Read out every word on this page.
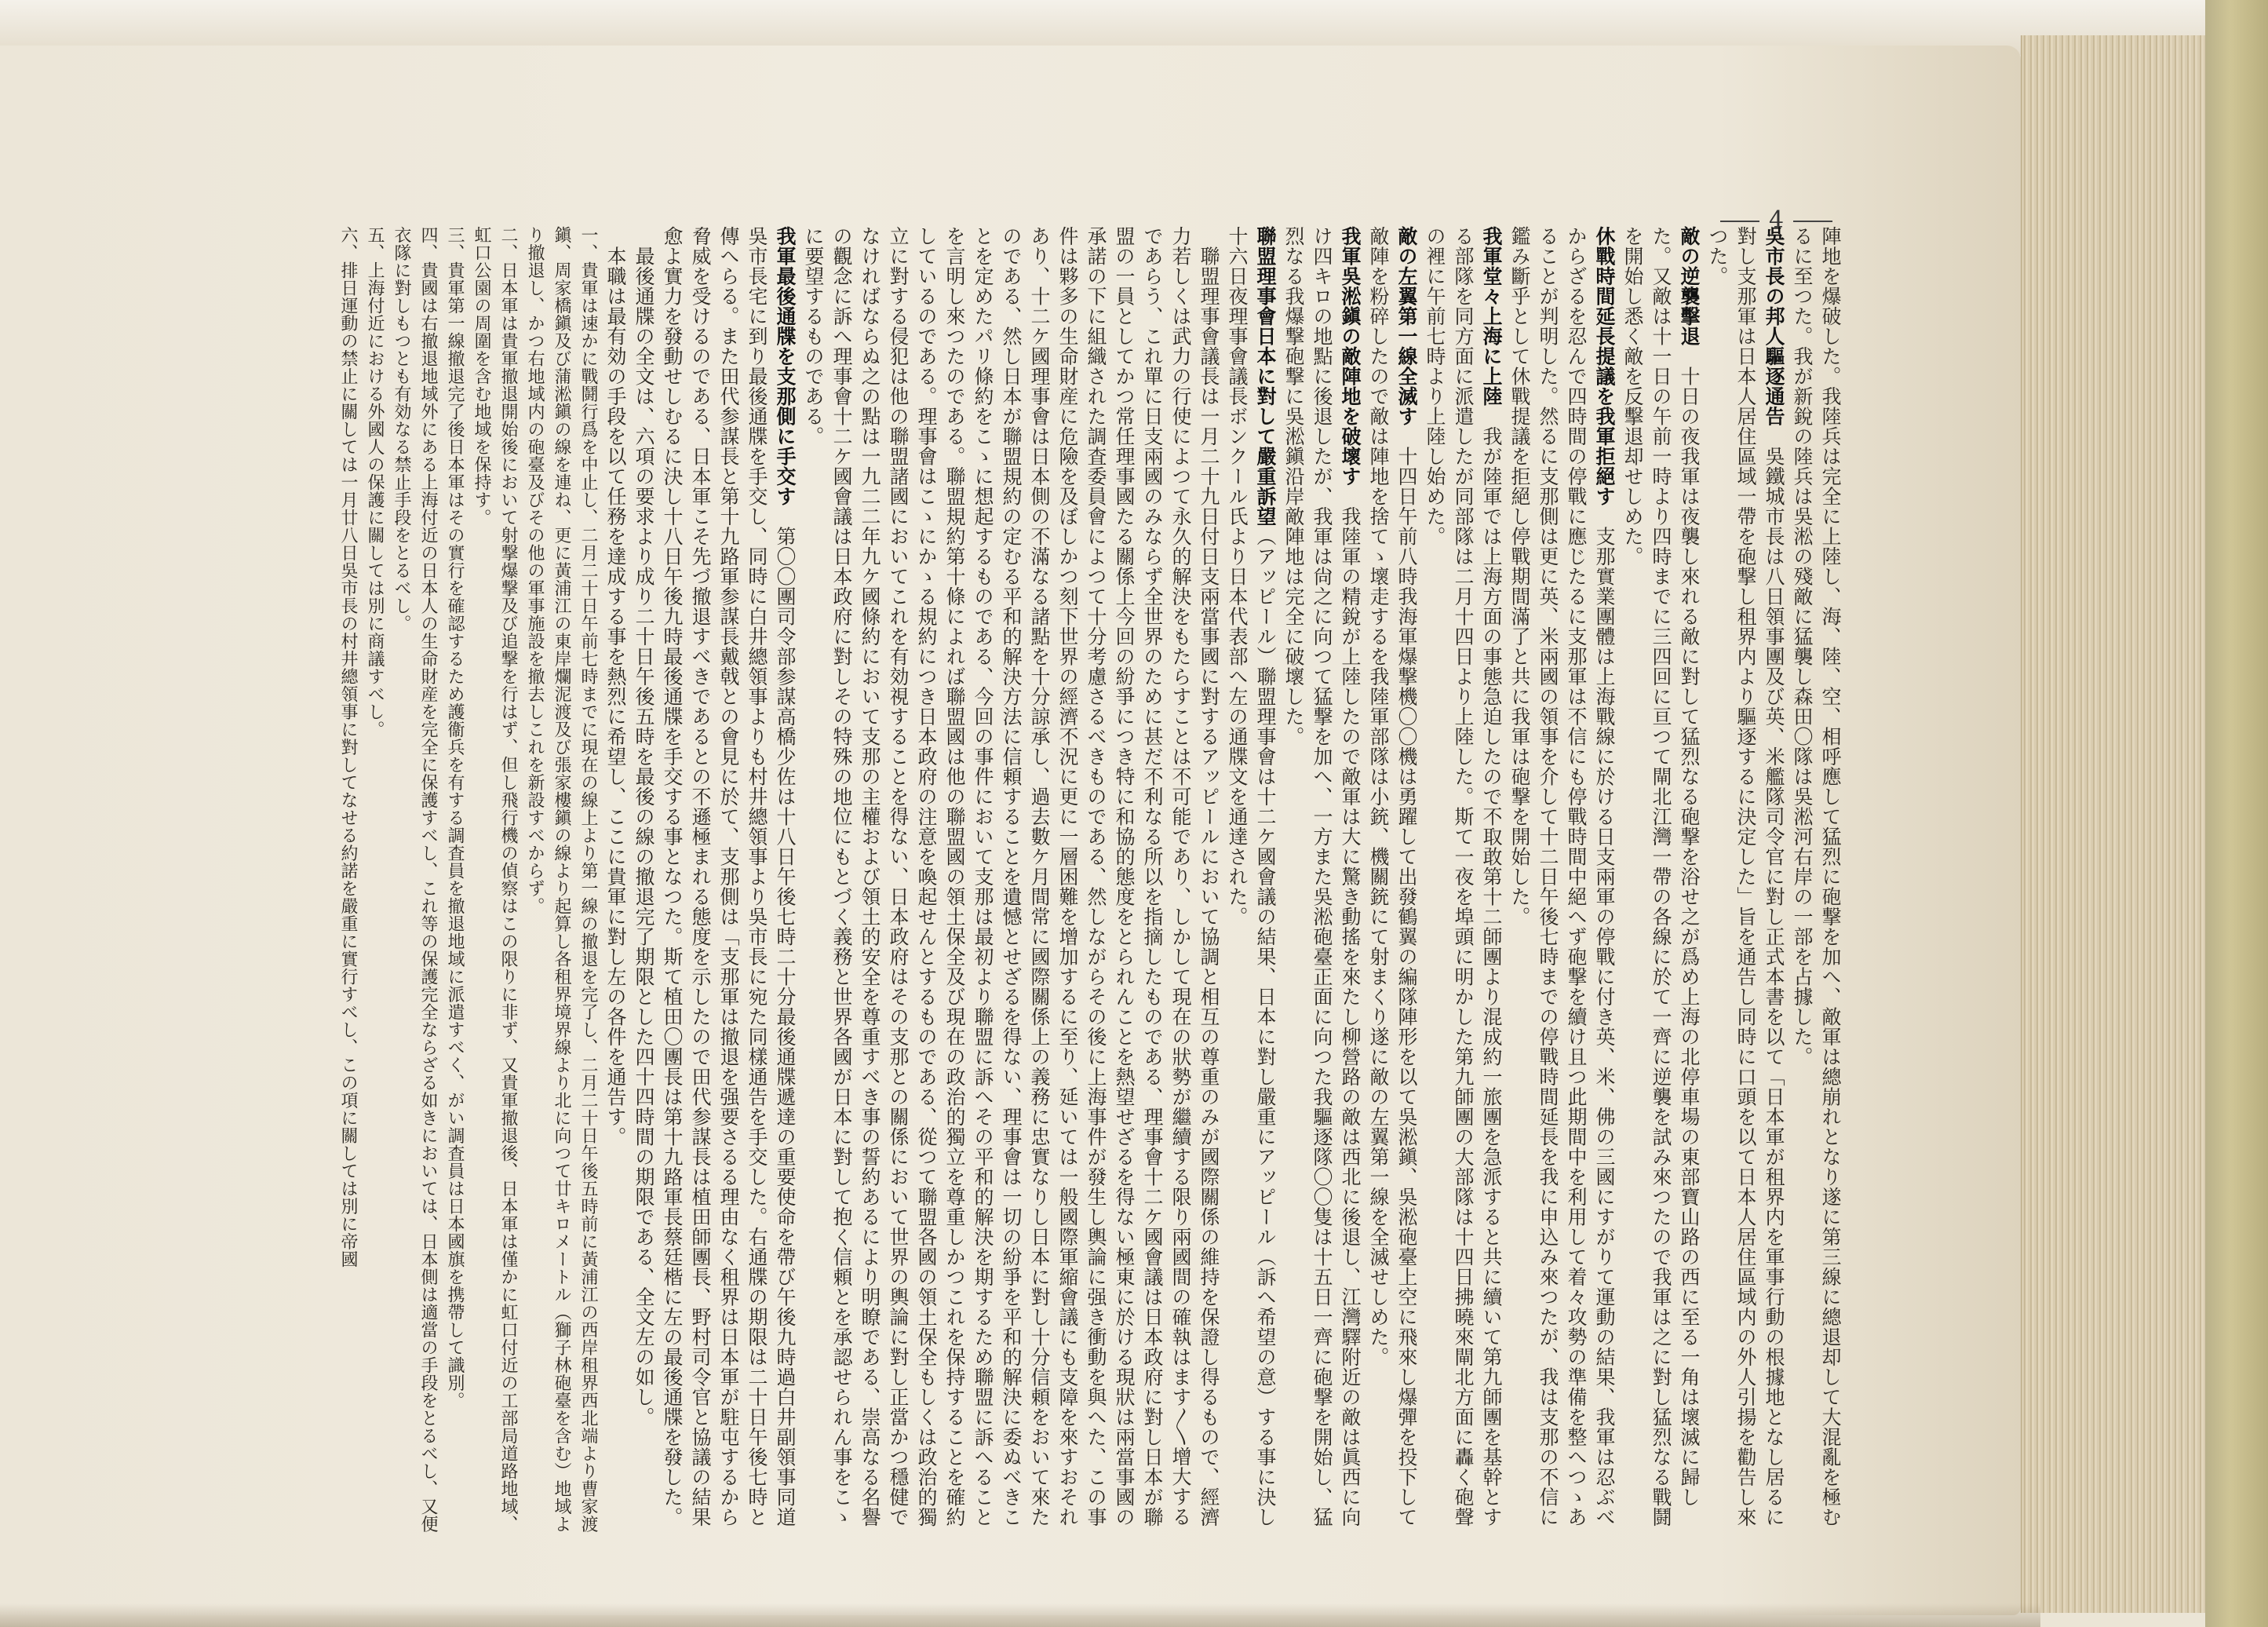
4

陣地を爆破した。我陸兵は完全に上陸し、海、陸、空、相呼應して猛烈に砲撃を加へ、敵軍は總崩れとなり遂に第三線に總退却して大混亂を極むるに至つた。我が新銳の陸兵は吳淞の殘敵に猛襲し森田〇隊は吳淞河右岸の一部を占據した。

吳市長の邦人驅逐通告　吳鐵城市長は八日領事團及び英、米艦隊司令官に對し正式本書を以て「日本軍が租界内を軍事行動の根據地となし居るに對し支那軍は日本人居住區域一帶を砲撃し租界内より驅逐するに決定した」旨を通告し同時に口頭を以て日本人居住區域内の外人引揚を勸告し來つた。

敵の逆襲擊退　十日の夜我軍は夜襲し來れる敵に對して猛烈なる砲撃を浴せ之が爲め上海の北停車場の東部寶山路の西に至る一角は壞滅に歸した。又敵は十一日の午前一時より四時までに三四回に亘つて閘北江灣一帶の各線に於て一齊に逆襲を試み來つたので我軍は之に對し猛烈なる戰鬪を開始し悉く敵を反擊退却せしめた。

休戰時間延長提議を我軍拒絕す　支那實業團體は上海戰線に於ける日支兩軍の停戰に付き英、米、佛の三國にすがりて運動の結果、我軍は忍ぶべからざるを忍んで四時間の停戰に應じたるに支那軍は不信にも停戰時間中絕へず砲撃を續け且つ此期間中を利用して着々攻勢の準備を整へつゝあることが判明した。然るに支那側は更に英、米兩國の領事を介して十二日午後七時までの停戰時間延長を我に申込み來つたが、我は支那の不信に鑑み斷乎として休戰提議を拒絕し停戰期間滿了と共に我軍は砲撃を開始した。

我軍堂々上海に上陸　我が陸軍では上海方面の事態急迫したので不取敢第十二師團より混成約一旅團を急派すると共に續いて第九師團を基幹とする部隊を同方面に派遣したが同部隊は二月十四日より上陸した。斯て一夜を埠頭に明かした第九師團の大部隊は十四日拂曉來閘北方面に轟く砲聲の裡に午前七時より上陸し始めた。

敵の左翼第一線全滅す　十四日午前八時我海軍爆撃機〇〇機は勇躍して出發鶴翼の編隊陣形を以て吳淞鎭、吳淞砲臺上空に飛來し爆彈を投下して敵陣を粉碎したので敵は陣地を捨てゝ壞走するを我陸軍部隊は小銃、機關銃にて射まくり遂に敵の左翼第一線を全滅せしめた。

我軍吳淞鎭の敵陣地を破壞す　我陸軍の精銳が上陸したので敵軍は大に驚き動搖を來たし柳營路の敵は西北に後退し、江灣驛附近の敵は眞西に向け四キロの地點に後退したが、我軍は尙之に向つて猛撃を加へ、一方また吳淞砲臺正面に向つた我驅逐隊〇〇隻は十五日一齊に砲撃を開始し、猛烈なる我爆撃砲撃に吳淞鎭沿岸敵陣地は完全に破壞した。

聯盟理事會日本に對して嚴重訴望（アッピール）聯盟理事會は十二ケ國會議の結果、日本に對し嚴重にアッピール（訴へ希望の意）する事に決し十六日夜理事會議長ボンクール氏より日本代表部へ左の通牒文を通達された。

　聯盟理事會議長は一月二十九日付日支兩當事國に對するアッピールにおいて協調と相互の尊重のみが國際關係の維持を保證し得るもので、經濟力若しくは武力の行使によつて永久的解決をもたらすことは不可能であり、しかして現在の狀勢が繼續する限り兩國間の確執はます〳〵增大するであらう、これ單に日支兩國のみならず全世界のために甚だ不利なる所以を指摘したものである、理事會十二ケ國會議は日本政府に對し日本が聯盟の一員としてかつ常任理事國たる關係上今回の紛爭につき特に和協的態度をとられんことを熱望せざるを得ない極東に於ける現狀は兩當事國の承諾の下に組織された調査委員會によつて十分考慮さるべきものである、然しながらその後に上海事件が發生し輿論に强き衝動を與へた、この事件は夥多の生命財産に危險を及ぼしかつ刻下世界の經濟不況に更に一層困難を增加するに至り、延いては一般國際軍縮會議にも支障を來すおそれあり、十二ケ國理事會は日本側の不滿なる諸點を十分諒承し、過去數ケ月間常に國際關係上の義務に忠實なりし日本に對し十分信頼をおいて來たのである、然し日本が聯盟規約の定むる平和的解決方法に信頼することを遺憾とせざるを得ない、理事會は一切の紛爭を平和的解決に委ぬべきことを定めたパリ條約をこゝに想起するものである、今回の事件において支那は最初より聯盟に訴へその平和的解決を期するため聯盟に訴へることを言明し來つたのである。聯盟規約第十條によれば聯盟國は他の聯盟國の領土保全及び現在の政治的獨立を尊重しかつこれを保持することを確約しているのである。理事會はこゝにかゝる規約につき日本政府の注意を喚起せんとするものである、從つて聯盟各國の領土保全もしくは政治的獨立に對する侵犯は他の聯盟諸國においてこれを有効視することを得ない、日本政府はその支那との關係において世界の輿論に對し正當かつ穩健でなければならぬ之の點は一九二二年九ケ國條約において支那の主權および領土的安全を尊重すべき事の誓約あるにより明瞭である、崇高なる名譽の觀念に訴へ理事會十二ケ國會議は日本政府に對しその特殊の地位にもとづく義務と世界各國が日本に對して抱く信頼とを承認せられん事をこゝに要望するものである。

我軍最後通牒を支那側に手交す　第〇〇團司令部参謀高橋少佐は十八日午後七時二十分最後通牒遞達の重要使命を帶び午後九時過白井副領事同道吳市長宅に到り最後通牒を手交し、同時に白井總領事よりも村井總領事より吳市長に宛た同樣通告を手交した。右通牒の期限は二十日午後七時と傳へらる。また田代参謀長と第十九路軍参謀長戴戟との會見に於て、支那側は「支那軍は撤退を强要さるる理由なく租界は日本軍が駐屯するから脅威を受けるのである、日本軍こそ先づ撤退すべきであるとの不遜極まれる態度を示したので田代参謀長は植田師團長、野村司令官と協議の結果愈よ實力を發動せしむるに決し十八日午後九時最後通牒を手交する事となつた。斯て植田〇團長は第十九路軍長蔡廷楷に左の最後通牒を發した。

　最後通牒の全文は、六項の要求より成り二十日午後五時を最後の線の撤退完了期限とした四十四時間の期限である、全文左の如し。

　本職は最有効の手段を以て任務を達成する事を熱烈に希望し、ここに貴軍に對し左の各件を通告す。

一、貴軍は速かに戰鬪行爲を中止し、二月二十日午前七時までに現在の線上より第一線の撤退を完了し、二月二十日午後五時前に黃浦江の西岸租界西北端より曹家渡鎭、周家橋鎭及び蒲淞鎭の線を連ね、更に黃浦江の東岸爛泥渡及び張家樓鎭の線より起算し各租界境界線より北に向つて廿キロメートル（獅子林砲臺を含む）地域より撤退し、かつ右地域内の砲臺及びその他の軍事施設を撤去しこれを新設すべからず。

二、日本軍は貴軍撤退開始後において射撃爆撃及び追撃を行はず、但し飛行機の偵察はこの限りに非ず、又貴軍撤退後、日本軍は僅かに虹口付近の工部局道路地域、虹口公園の周圍を含む地域を保持す。

三、貴軍第一線撤退完了後日本軍はその實行を確認するため護衞兵を有する調査員を撤退地域に派遣すべく、がい調査員は日本國旗を携帶して識別。

四、貴國は右撤退地域外にある上海付近の日本人の生命財産を完全に保護すべし、これ等の保護完全ならざる如きにおいては、日本側は適當の手段をとるべし、又便衣隊に對しもつとも有効なる禁止手段をとるべし。

五、上海付近における外國人の保護に關しては別に商議すべし。

六、排日運動の禁止に關しては一月廿八日吳市長の村井總領事に對してなせる約諾を嚴重に實行すべし、この項に關しては別に帝國
